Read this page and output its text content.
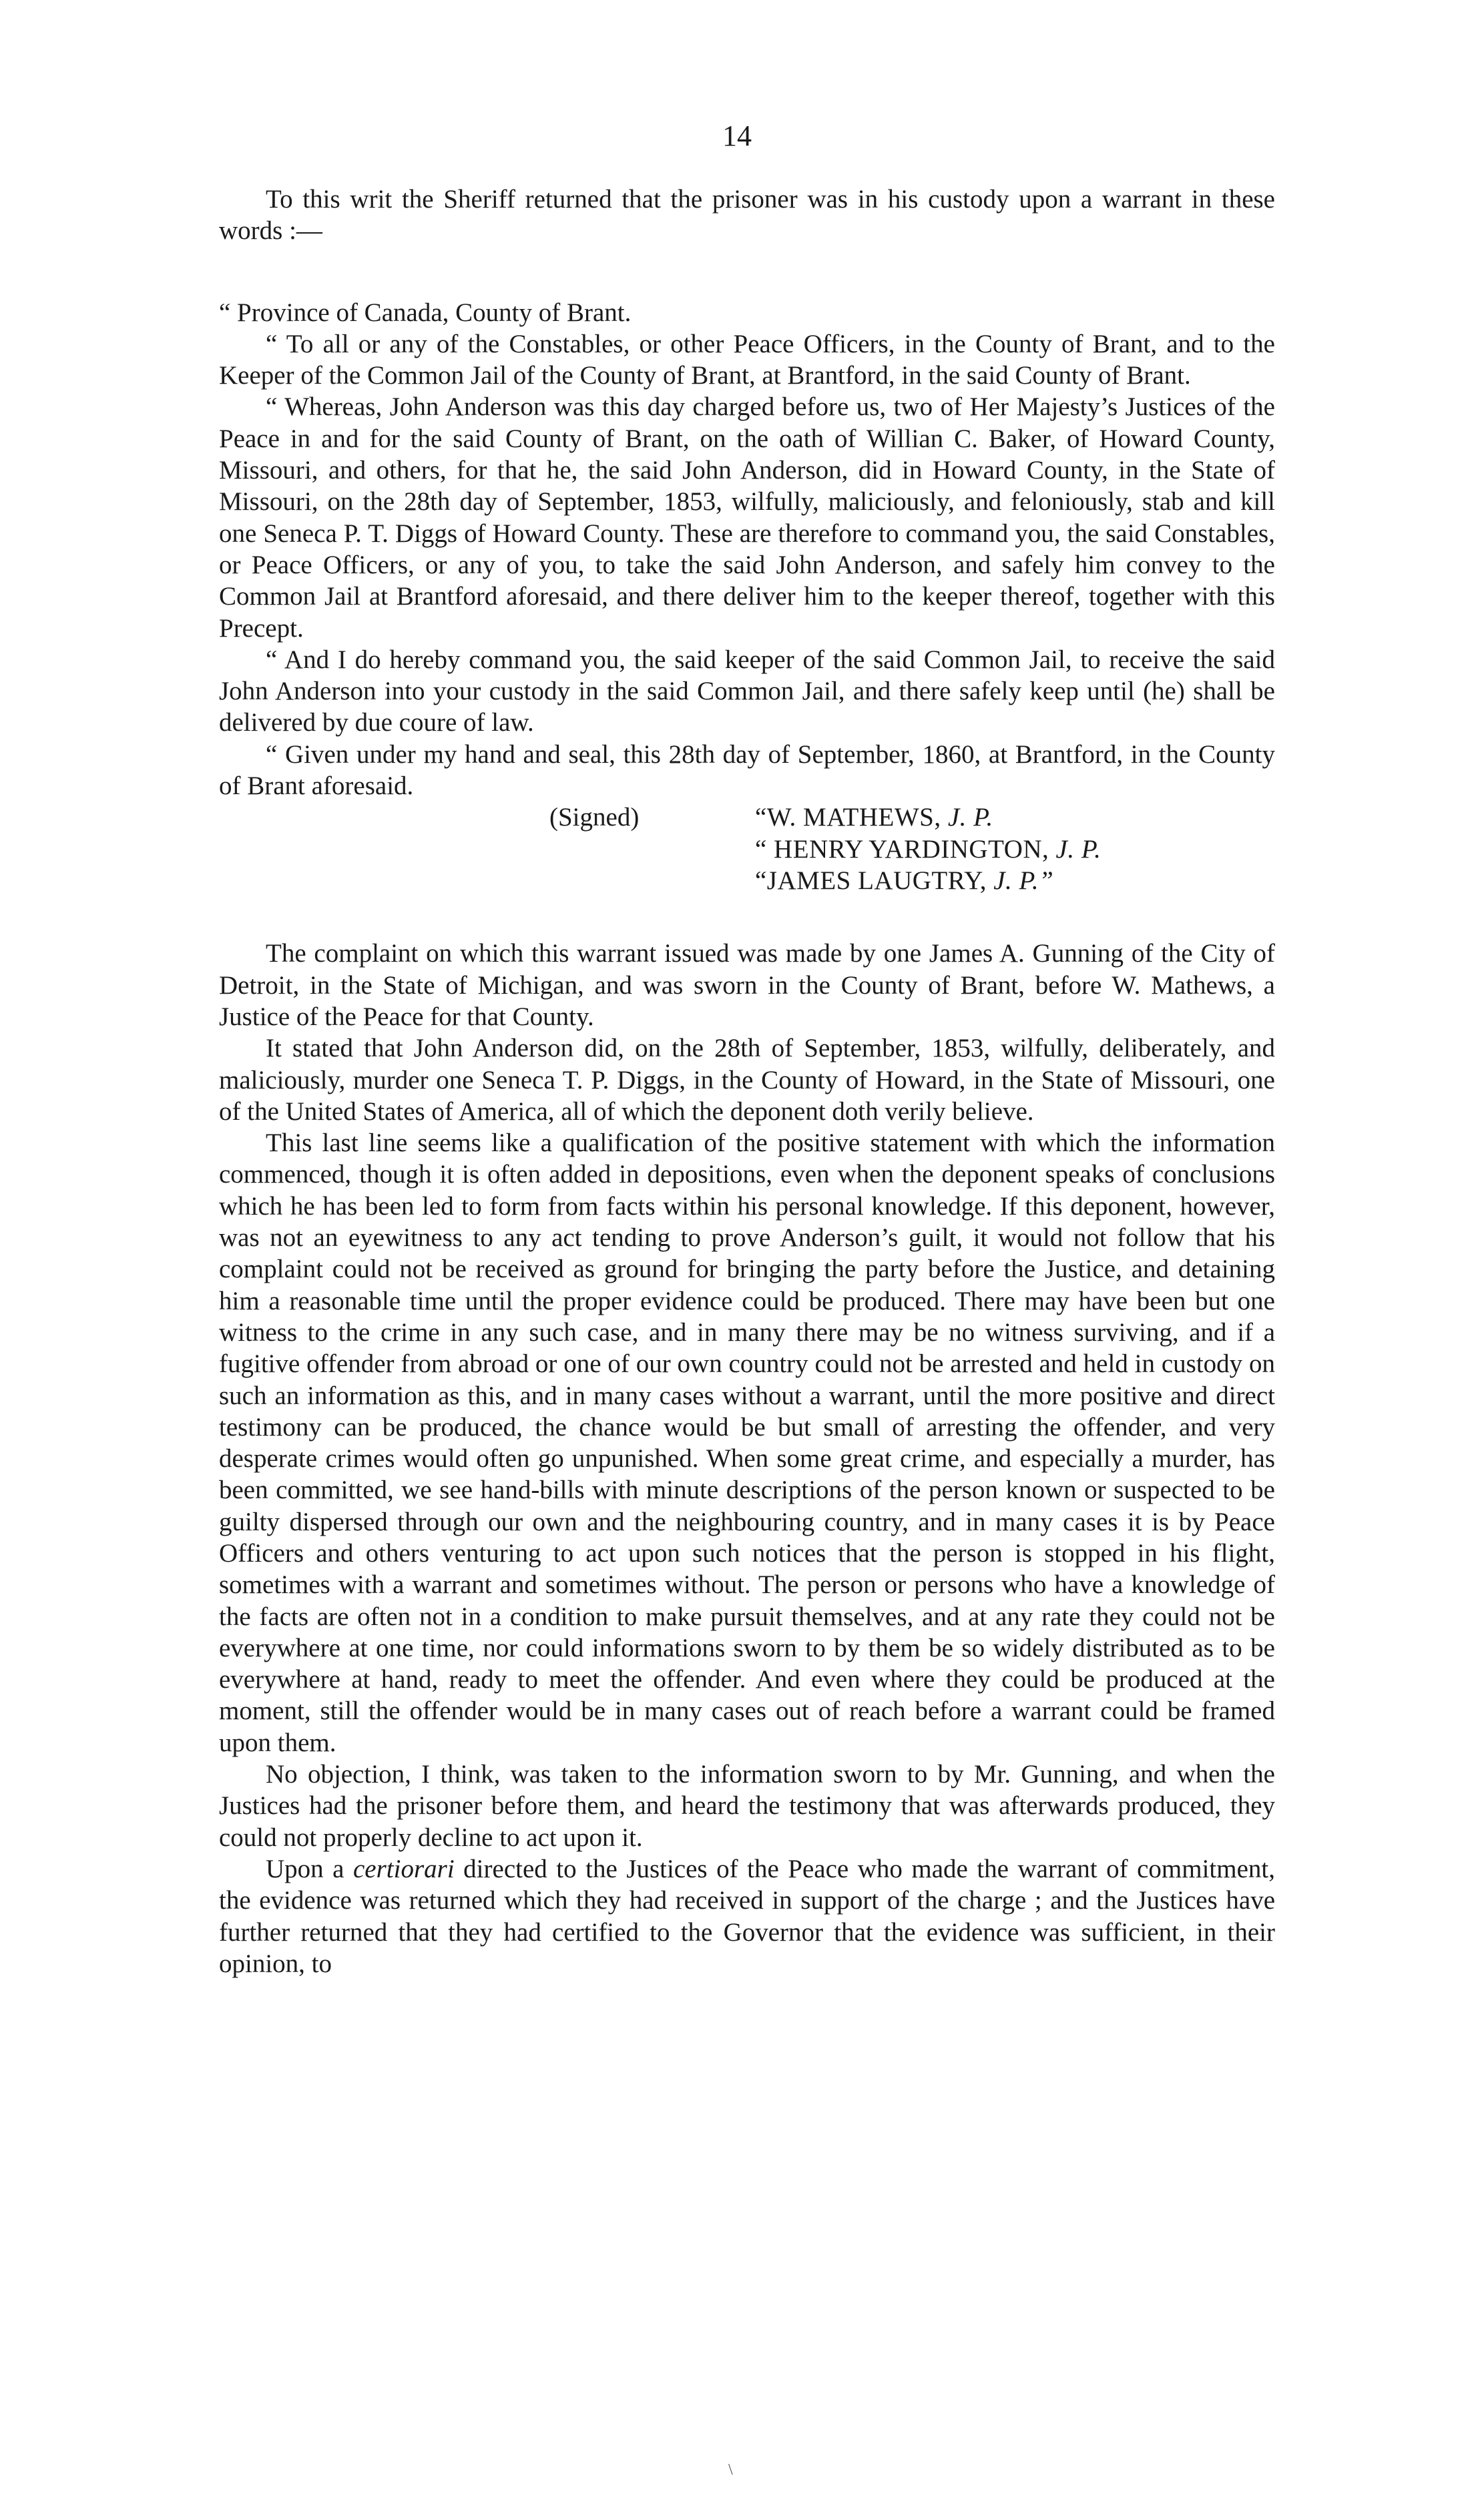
14

To this writ the Sheriff returned that the prisoner was in his custody upon a warrant in these words :—

“ Province of Canada, County of Brant.

“ To all or any of the Constables, or other Peace Officers, in the County of Brant, and to the Keeper of the Common Jail of the County of Brant, at Brantford, in the said County of Brant.

“ Whereas, John Anderson was this day charged before us, two of Her Majesty’s Justices of the Peace in and for the said County of Brant, on the oath of Willian C. Baker, of Howard County, Missouri, and others, for that he, the said John Anderson, did in Howard County, in the State of Missouri, on the 28th day of September, 1853, wilfully, maliciously, and feloniously, stab and kill one Seneca P. T. Diggs of Howard County. These are therefore to command you, the said Constables, or Peace Officers, or any of you, to take the said John Anderson, and safely him convey to the Common Jail at Brantford aforesaid, and there deliver him to the keeper thereof, together with this Precept.

“ And I do hereby command you, the said keeper of the said Common Jail, to receive the said John Anderson into your custody in the said Common Jail, and there safely keep until (he) shall be delivered by due coure of law.

“ Given under my hand and seal, this 28th day of September, 1860, at Brantford, in the County of Brant aforesaid.

(Signed)	“W. MATHEWS, J. P.
“ HENRY YARDINGTON, J. P.
“JAMES LAUGTRY, J. P.”

The complaint on which this warrant issued was made by one James A. Gunning of the City of Detroit, in the State of Michigan, and was sworn in the County of Brant, before W. Mathews, a Justice of the Peace for that County.

It stated that John Anderson did, on the 28th of September, 1853, wilfully, deliberately, and maliciously, murder one Seneca T. P. Diggs, in the County of Howard, in the State of Missouri, one of the United States of America, all of which the deponent doth verily believe.

This last line seems like a qualification of the positive statement with which the information commenced, though it is often added in depositions, even when the deponent speaks of conclusions which he has been led to form from facts within his personal knowledge. If this deponent, however, was not an eyewitness to any act tending to prove Anderson’s guilt, it would not follow that his complaint could not be received as ground for bringing the party before the Justice, and detaining him a reasonable time until the proper evidence could be produced. There may have been but one witness to the crime in any such case, and in many there may be no witness surviving, and if a fugitive offender from abroad or one of our own country could not be arrested and held in custody on such an information as this, and in many cases without a warrant, until the more positive and direct testimony can be produced, the chance would be but small of arresting the offender, and very desperate crimes would often go unpunished. When some great crime, and especially a murder, has been committed, we see hand-bills with minute descriptions of the person known or suspected to be guilty dispersed through our own and the neighbouring country, and in many cases it is by Peace Officers and others venturing to act upon such notices that the person is stopped in his flight, sometimes with a warrant and sometimes without. The person or persons who have a knowledge of the facts are often not in a condition to make pursuit themselves, and at any rate they could not be everywhere at one time, nor could informations sworn to by them be so widely distributed as to be everywhere at hand, ready to meet the offender. And even where they could be produced at the moment, still the offender would be in many cases out of reach before a warrant could be framed upon them.

No objection, I think, was taken to the information sworn to by Mr. Gunning, and when the Justices had the prisoner before them, and heard the testimony that was afterwards produced, they could not properly decline to act upon it.

Upon a certiorari directed to the Justices of the Peace who made the warrant of commitment, the evidence was returned which they had received in support of the charge ; and the Justices have further returned that they had certified to the Governor that the evidence was sufficient, in their opinion, to

\
